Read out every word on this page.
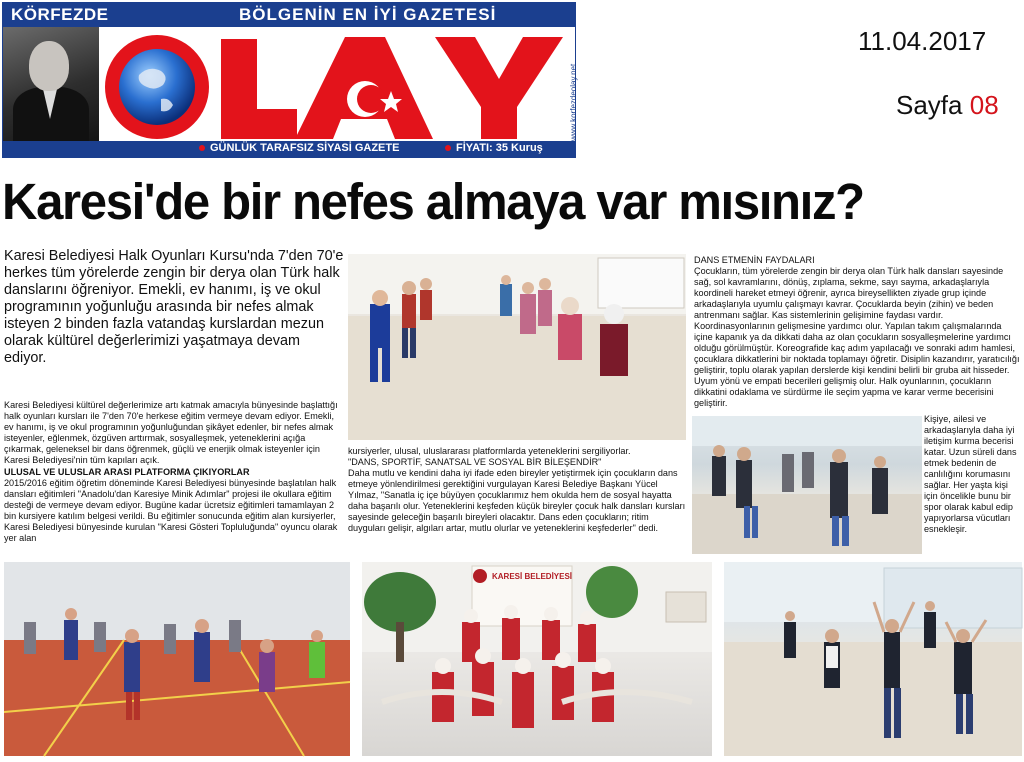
KÖRFEZDE	BÖLGENİN EN İYİ GAZETESİ
www.korfezdeolay.net
GÜNLÜK TARAFSIZ SİYASİ GAZETE	FİYATI: 35 Kuruş
11.04.2017
Sayfa 08
Karesi'de bir nefes almaya var mısınız?
Karesi Belediyesi Halk Oyunları Kursu'nda 7'den 70'e herkes tüm yörelerde zengin bir derya olan Türk halk danslarını öğreniyor. Emekli, ev hanımı, iş ve okul programının yoğunluğu arasında bir nefes almak isteyen 2 binden fazla vatandaş kurslardan mezun olarak kültürel değerlerimizi yaşatmaya devam ediyor.

Karesi Belediyesi kültürel değerlerimize artı katmak amacıyla bünyesinde başlattığı halk oyunları kursları ile 7'den 70'e herkese eğitim vermeye devam ediyor. Emekli, ev hanımı, iş ve okul programının yoğunluğundan şikâyet edenler, bir nefes almak isteyenler, eğlenmek, özgüven arttırmak, sosyalleşmek, yeteneklerini açığa çıkarmak, geleneksel bir dans öğrenmek, güçlü ve enerjik olmak isteyenler için Karesi Belediyesi'nin tüm kapıları açık.

ULUSAL VE ULUSLAR ARASI PLATFORMA ÇIKIYORLAR

2015/2016 eğitim öğretim döneminde Karesi Belediyesi bünyesinde başlatılan halk dansları eğitimleri "Anadolu'dan Karesiye Minik Adımlar" projesi ile okullara eğitim desteği de vermeye devam ediyor. Bugüne kadar ücretsiz eğitimleri tamamlayan 2 bin kursiyere katılım belgesi verildi. Bu eğitimler sonucunda eğitim alan kursiyerler, Karesi Belediyesi bünyesinde kurulan "Karesi Gösteri Topluluğunda" oyuncu olarak yer alan

kursiyerler, ulusal, uluslararası platformlarda yeteneklerini sergiliyorlar.
"DANS, SPORTİF, SANATSAL VE SOSYAL BİR BİLEŞENDİR"
Daha mutlu ve kendini daha iyi ifade eden bireyler yetiştirmek için çocukların dans etmeye yönlendirilmesi gerektiğini vurgulayan Karesi Belediye Başkanı Yücel Yılmaz, "Sanatla iç içe büyüyen çocuklarımız hem okulda hem de sosyal hayatta daha başarılı olur. Yeteneklerini keşfeden küçük bireyler çocuk halk dansları kursları sayesinde geleceğin başarılı bireyleri olacaktır. Dans eden çocukların; ritim duyguları gelişir, algıları artar, mutlu olurlar ve yeteneklerini keşfederler" dedi.
DANS ETMENİN FAYDALARI
Çocukların, tüm yörelerde zengin bir derya olan Türk halk dansları sayesinde sağ, sol kavramlarını, dönüş, zıplama, sekme, sayı sayma, arkadaşlarıyla koordineli hareket etmeyi öğrenir, ayrıca bireysellikten ziyade grup içinde arkadaşlarıyla uyumlu çalışmayı kavrar. Çocuklarda beyin (zihin) ve beden antrenmanı sağlar. Kas sistemlerinin gelişimine faydası vardır. Koordinasyonlarının gelişmesine yardımcı olur. Yapılan takım çalışmalarında içine kapanık ya da dikkati daha az olan çocukların sosyalleşmelerine yardımcı olduğu görülmüştür. Koreografide kaç adım yapılacağı ve sonraki adım hamlesi, çocuklara dikkatlerini bir noktada toplamayı öğretir. Disiplin kazandırır, yaratıcılığı geliştirir, toplu olarak yapılan derslerde kişi kendini belirli bir gruba ait hisseder. Uyum yönü ve empati becerileri gelişmiş olur. Halk oyunlarının, çocukların dikkatini odaklama ve sürdürme ile seçim yapma ve karar verme becerisini geliştirir.
Kişiye, ailesi ve arkadaşlarıyla daha iyi iletişim kurma becerisi katar. Uzun süreli dans etmek bedenin de canlılığını korumasını sağlar. Her yaşta kişi için öncelikle bunu bir spor olarak kabul edip yapıyorlarsa vücutları esnekleşir.
KARESİ BELEDİYESİ
